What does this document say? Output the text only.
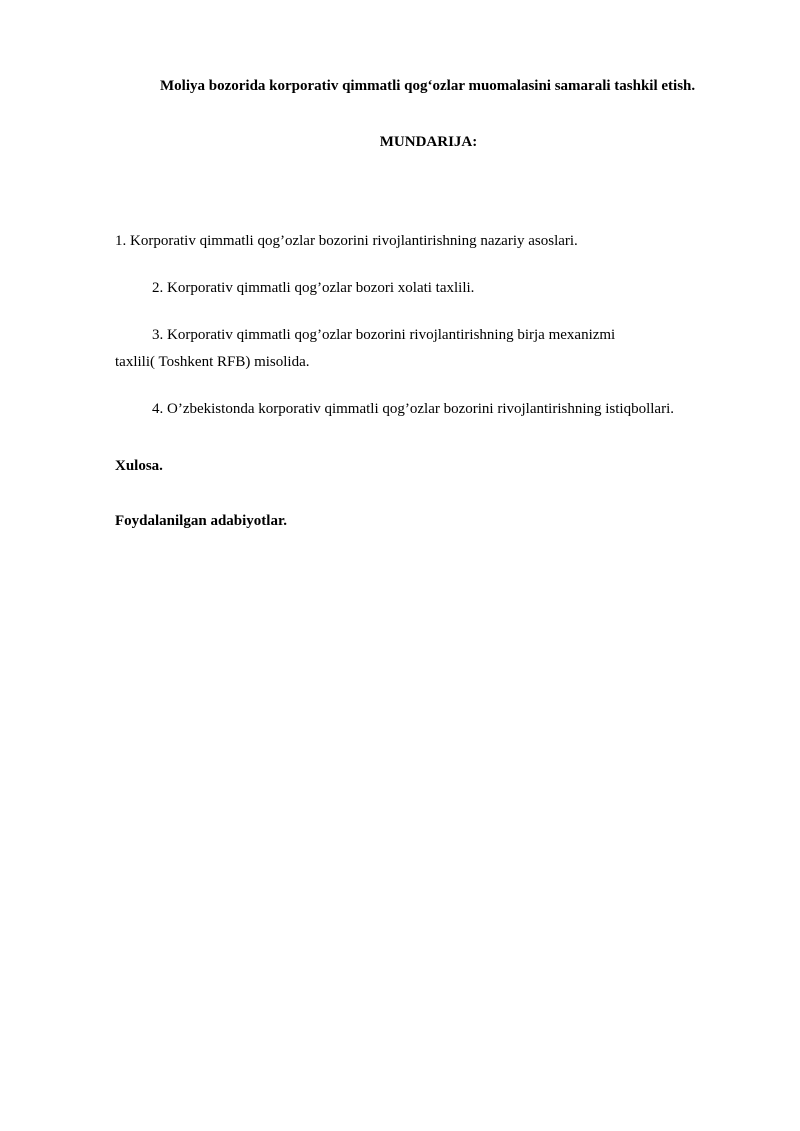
Moliya bozorida korporativ qimmatli qog‘ozlar muomalasini samarali tashkil etish.
MUNDARIJA:
1. Korporativ qimmatli qog’ozlar bozorini rivojlantirishning nazariy asoslari.
2. Korporativ qimmatli qog’ozlar bozori xolati taxlili.
3. Korporativ qimmatli qog’ozlar bozorini rivojlantirishning birja mexanizmi
taxlili( Toshkent RFB) misolida.
4. O’zbekistonda korporativ qimmatli qog’ozlar bozorini rivojlantirishning istiqbollari.
Xulosa.
Foydalanilgan adabiyotlar.
